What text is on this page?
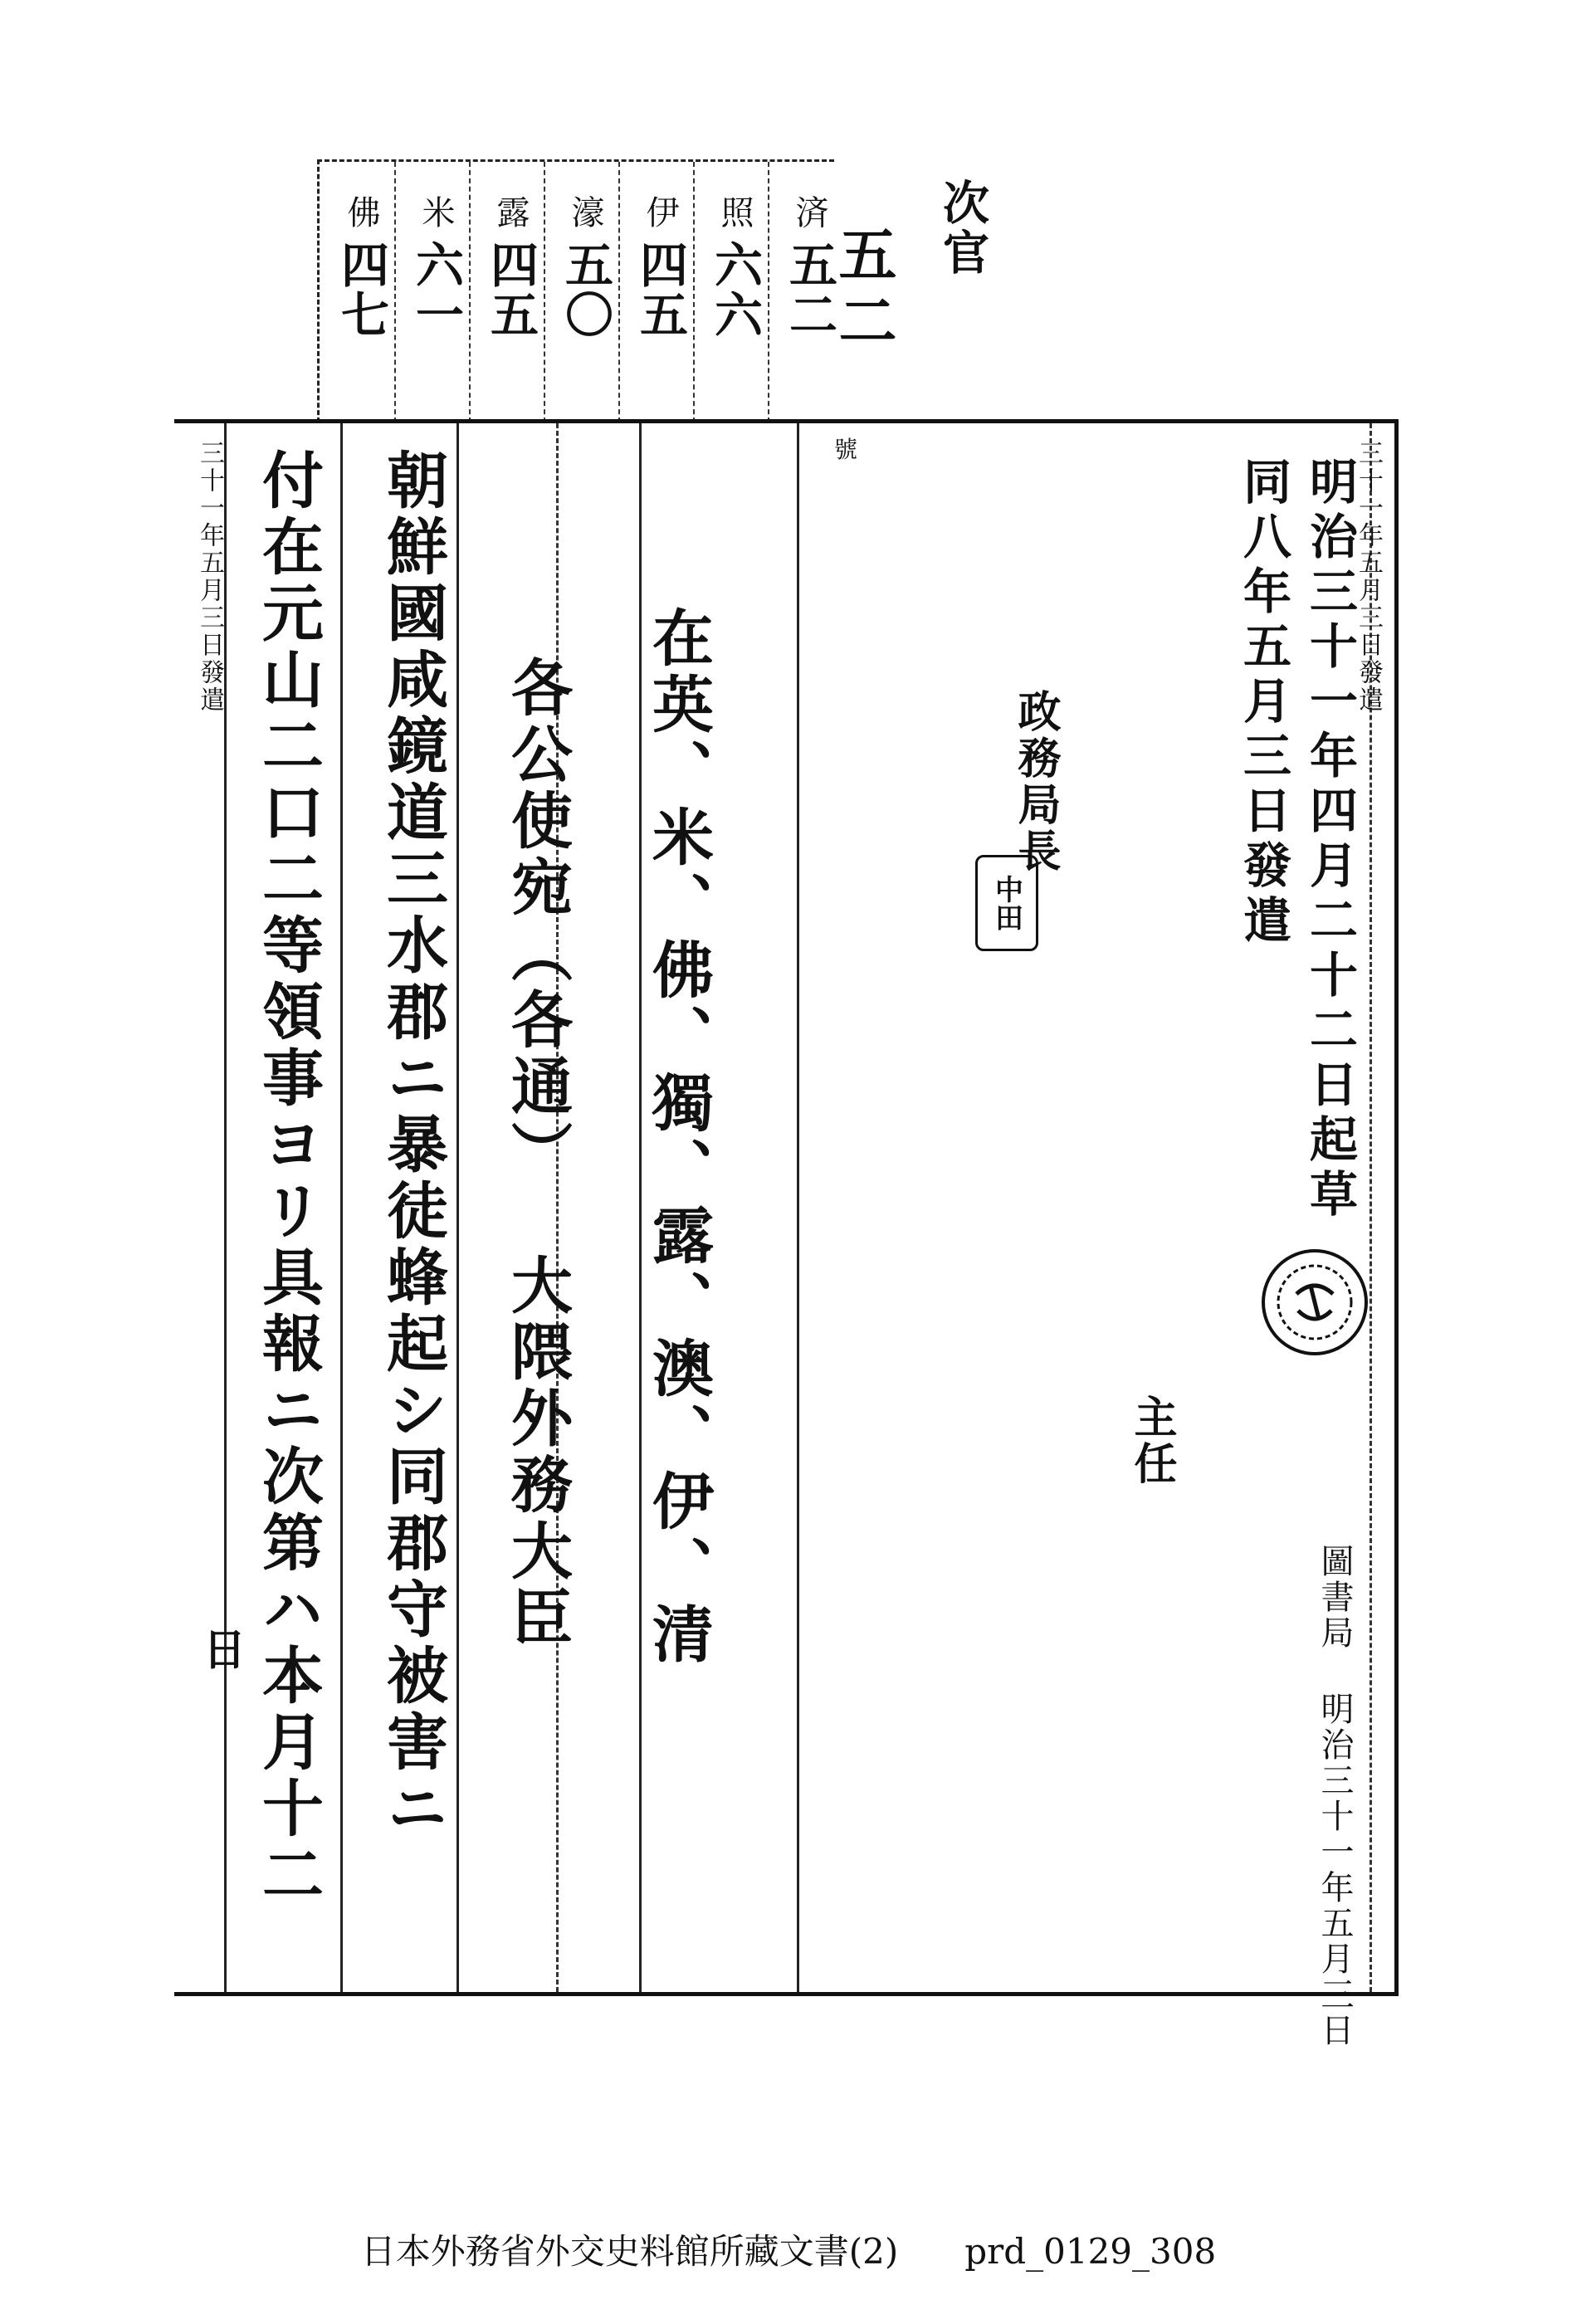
済
五二
照
六六
伊
四五
濠
五〇
露
四五
米
六一
佛
四七
次官
五二
號
三十一年五月三日發遣
在英、米、佛、獨、露、澳、伊、清
各公使宛（各通）
大隈外務大臣
朝鮮國咸鏡道三水郡ニ暴徒蜂起シ同郡守被害ニ
付在元山二口二等領事ヨリ具報ニ次第ハ本月十二
日
明治三十一年四月二十二日起草
同八年五月三日發遣
政務局長
中田
主任
圖書局 明治三十一年五月三日
三十一年五月三日發遣
日本外務省外交史料館所藏文書(2) prd_0129_308
